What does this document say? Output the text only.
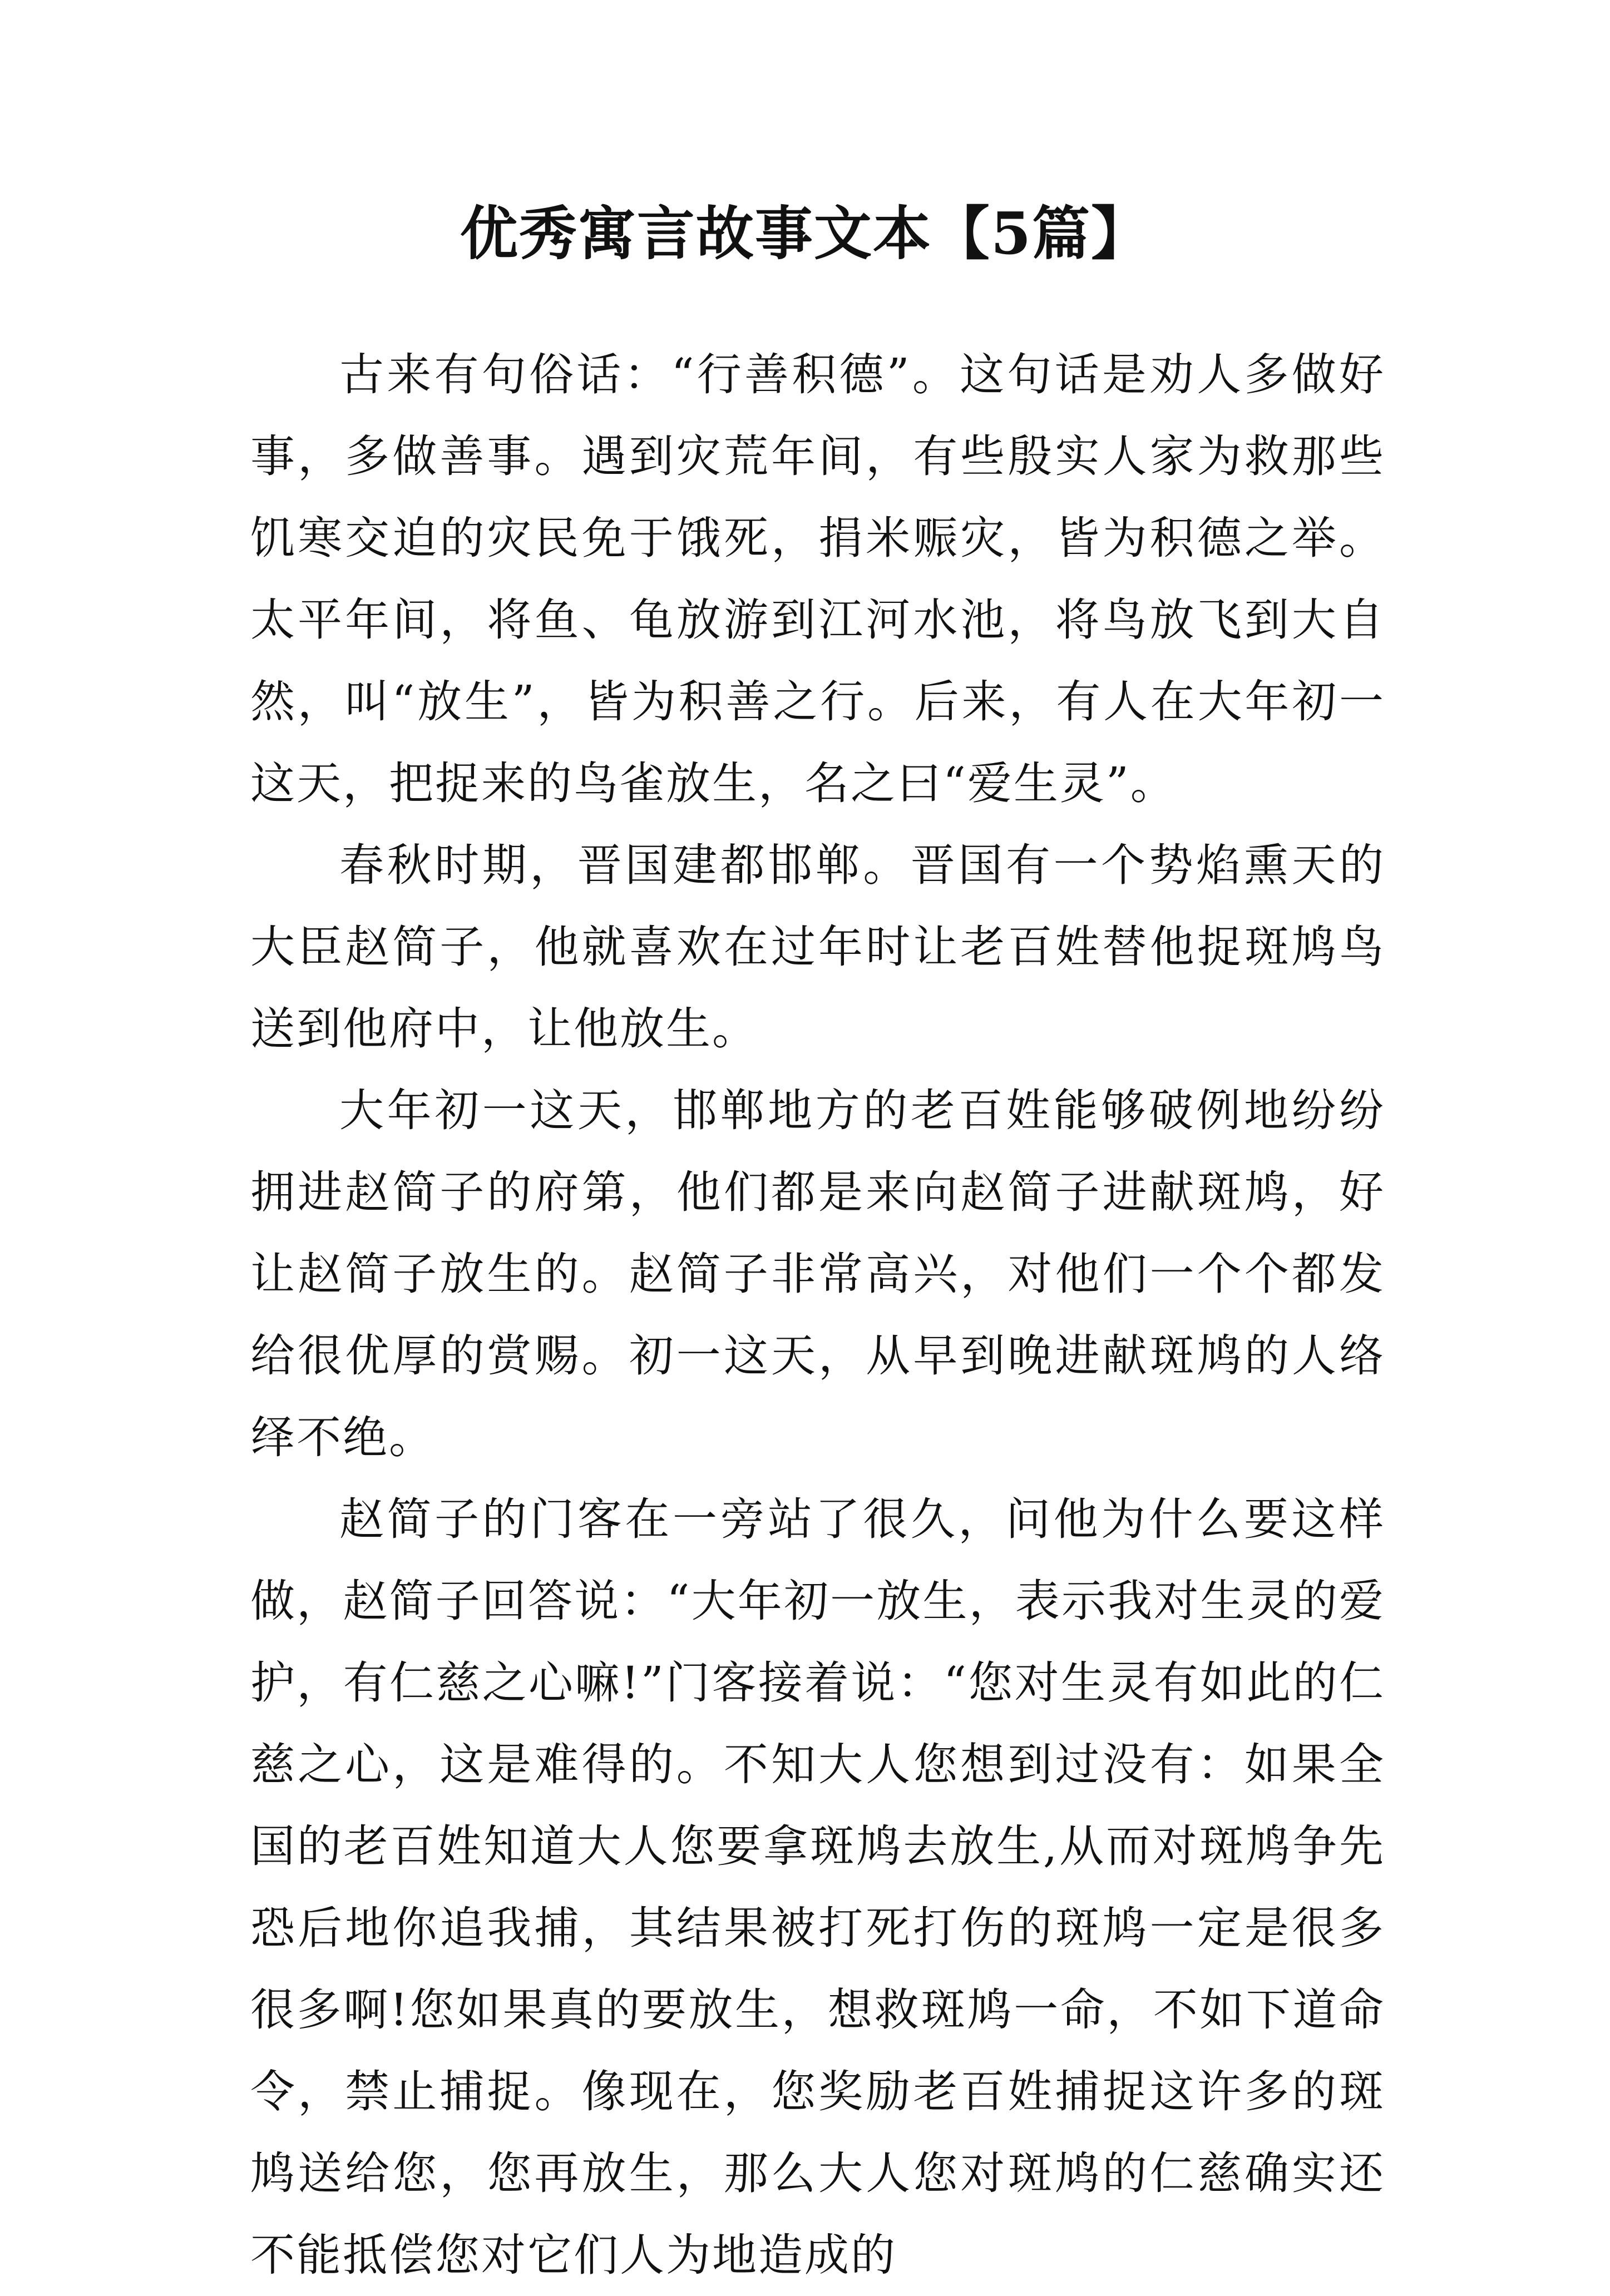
优秀寓言故事文本【5篇】

古来有句俗话：“行善积德”。这句话是劝人多做好事，多做善事。遇到灾荒年间，有些殷实人家为救那些饥寒交迫的灾民免于饿死，捐米赈灾，皆为积德之举。太平年间，将鱼、龟放游到江河水池，将鸟放飞到大自然，叫“放生”，皆为积善之行。后来，有人在大年初一这天，把捉来的鸟雀放生，名之曰“爱生灵”。

春秋时期，晋国建都邯郸。晋国有一个势焰熏天的大臣赵简子，他就喜欢在过年时让老百姓替他捉斑鸠鸟送到他府中，让他放生。

大年初一这天，邯郸地方的老百姓能够破例地纷纷拥进赵简子的府第，他们都是来向赵简子进献斑鸠，好让赵简子放生的。赵简子非常高兴，对他们一个个都发给很优厚的赏赐。初一这天，从早到晚进献斑鸠的人络绎不绝。

赵简子的门客在一旁站了很久，问他为什么要这样做，赵简子回答说：“大年初一放生，表示我对生灵的爱护，有仁慈之心嘛!”门客接着说：“您对生灵有如此的仁慈之心，这是难得的。不知大人您想到过没有：如果全国的老百姓知道大人您要拿斑鸠去放生,从而对斑鸠争先恐后地你追我捕，其结果被打死打伤的斑鸠一定是很多很多啊!您如果真的要放生，想救斑鸠一命，不如下道命令，禁止捕捉。像现在，您奖励老百姓捕捉这许多的斑鸠送给您，您再放生，那么大人您对斑鸠的仁慈确实还不能抵偿您对它们人为地造成的
